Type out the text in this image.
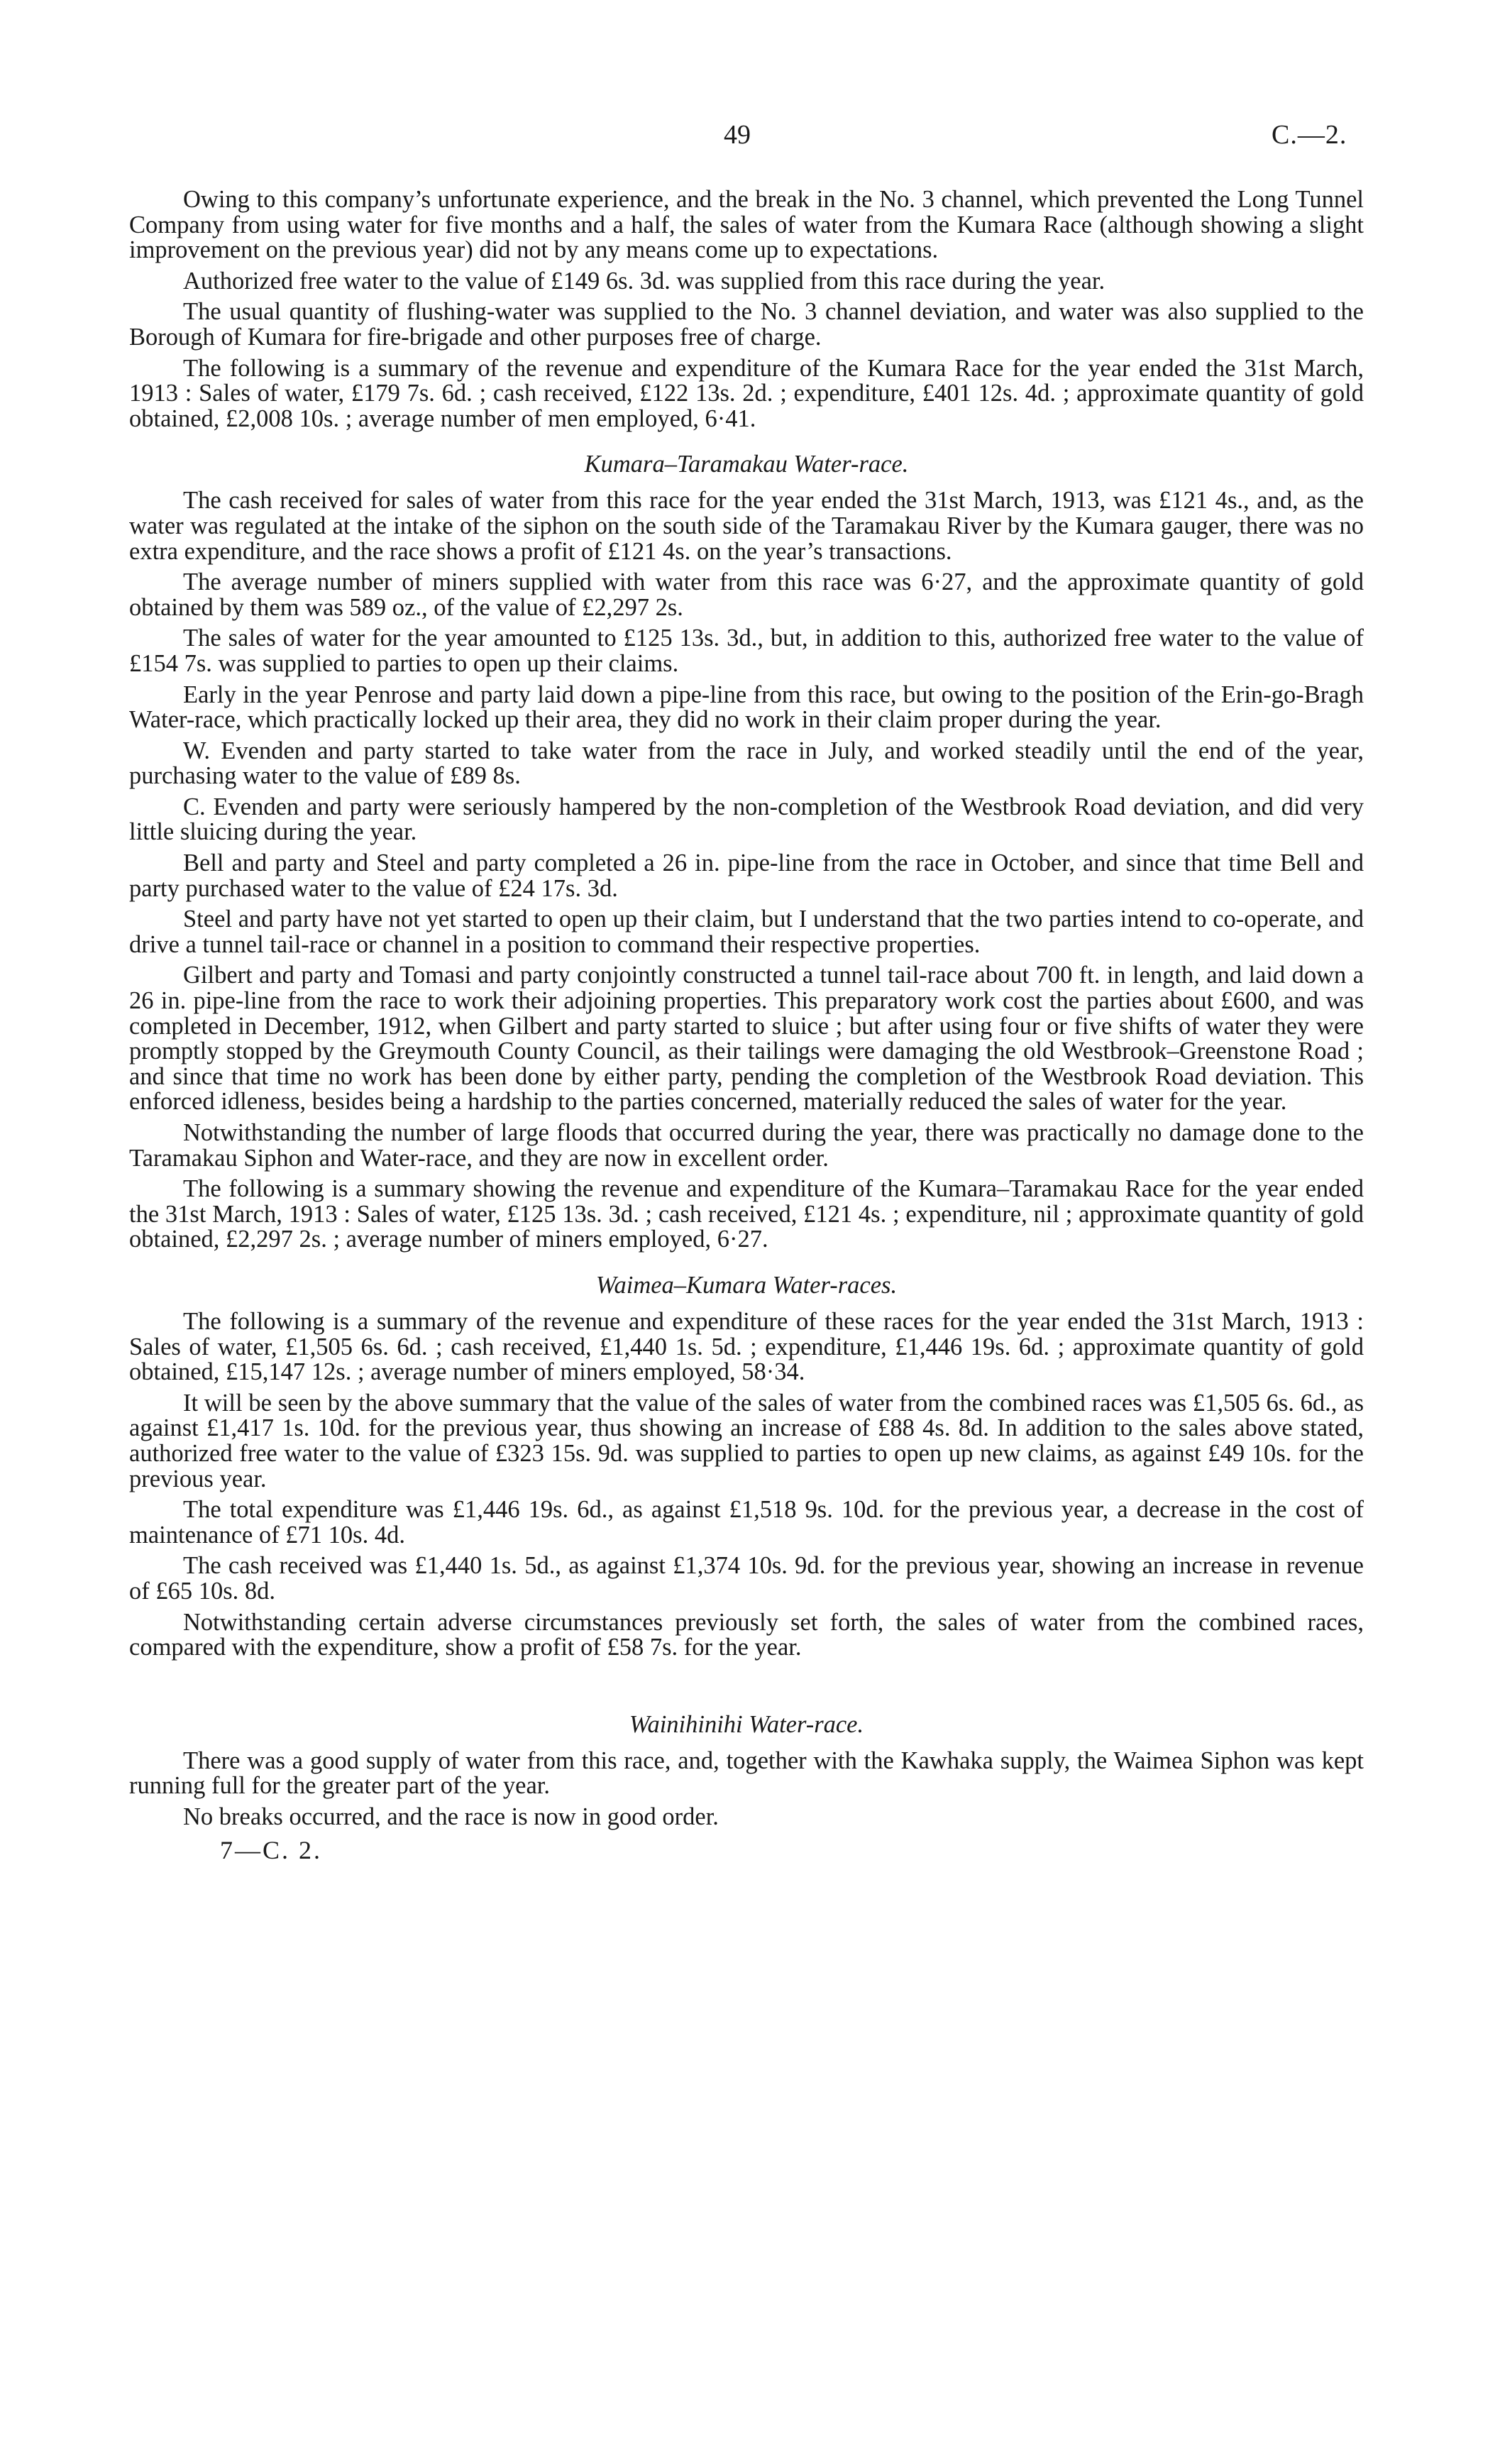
49	C.—2.

Owing to this company’s unfortunate experience, and the break in the No. 3 channel, which prevented the Long Tunnel Company from using water for five months and a half, the sales of water from the Kumara Race (although showing a slight improvement on the previous year) did not by any means come up to expectations.

Authorized free water to the value of £149 6s. 3d. was supplied from this race during the year.

The usual quantity of flushing-water was supplied to the No. 3 channel deviation, and water was also supplied to the Borough of Kumara for fire-brigade and other purposes free of charge.

The following is a summary of the revenue and expenditure of the Kumara Race for the year ended the 31st March, 1913 : Sales of water, £179 7s. 6d. ; cash received, £122 13s. 2d. ; expenditure, £401 12s. 4d. ; approximate quantity of gold obtained, £2,008 10s. ; average number of men employed, 6·41.

Kumara–Taramakau Water-race.

The cash received for sales of water from this race for the year ended the 31st March, 1913, was £121 4s., and, as the water was regulated at the intake of the siphon on the south side of the Taramakau River by the Kumara gauger, there was no extra expenditure, and the race shows a profit of £121 4s. on the year’s transactions.

The average number of miners supplied with water from this race was 6·27, and the approximate quantity of gold obtained by them was 589 oz., of the value of £2,297 2s.

The sales of water for the year amounted to £125 13s. 3d., but, in addition to this, authorized free water to the value of £154 7s. was supplied to parties to open up their claims.

Early in the year Penrose and party laid down a pipe-line from this race, but owing to the position of the Erin-go-Bragh Water-race, which practically locked up their area, they did no work in their claim proper during the year.

W. Evenden and party started to take water from the race in July, and worked steadily until the end of the year, purchasing water to the value of £89 8s.

C. Evenden and party were seriously hampered by the non-completion of the Westbrook Road deviation, and did very little sluicing during the year.

Bell and party and Steel and party completed a 26 in. pipe-line from the race in October, and since that time Bell and party purchased water to the value of £24 17s. 3d.

Steel and party have not yet started to open up their claim, but I understand that the two parties intend to co-operate, and drive a tunnel tail-race or channel in a position to command their respective properties.

Gilbert and party and Tomasi and party conjointly constructed a tunnel tail-race about 700 ft. in length, and laid down a 26 in. pipe-line from the race to work their adjoining properties. This preparatory work cost the parties about £600, and was completed in December, 1912, when Gilbert and party started to sluice ; but after using four or five shifts of water they were promptly stopped by the Greymouth County Council, as their tailings were damaging the old Westbrook–Greenstone Road ; and since that time no work has been done by either party, pending the completion of the Westbrook Road deviation. This enforced idleness, besides being a hardship to the parties concerned, materially reduced the sales of water for the year.

Notwithstanding the number of large floods that occurred during the year, there was practically no damage done to the Taramakau Siphon and Water-race, and they are now in excellent order.

The following is a summary showing the revenue and expenditure of the Kumara–Taramakau Race for the year ended the 31st March, 1913 : Sales of water, £125 13s. 3d. ; cash received, £121 4s. ; expenditure, nil ; approximate quantity of gold obtained, £2,297 2s. ; average number of miners employed, 6·27.

Waimea–Kumara Water-races.

The following is a summary of the revenue and expenditure of these races for the year ended the 31st March, 1913 : Sales of water, £1,505 6s. 6d. ; cash received, £1,440 1s. 5d. ; expenditure, £1,446 19s. 6d. ; approximate quantity of gold obtained, £15,147 12s. ; average number of miners employed, 58·34.

It will be seen by the above summary that the value of the sales of water from the combined races was £1,505 6s. 6d., as against £1,417 1s. 10d. for the previous year, thus showing an increase of £88 4s. 8d. In addition to the sales above stated, authorized free water to the value of £323 15s. 9d. was supplied to parties to open up new claims, as against £49 10s. for the previous year.

The total expenditure was £1,446 19s. 6d., as against £1,518 9s. 10d. for the previous year, a decrease in the cost of maintenance of £71 10s. 4d.

The cash received was £1,440 1s. 5d., as against £1,374 10s. 9d. for the previous year, showing an increase in revenue of £65 10s. 8d.

Notwithstanding certain adverse circumstances previously set forth, the sales of water from the combined races, compared with the expenditure, show a profit of £58 7s. for the year.

Wainihinihi Water-race.

There was a good supply of water from this race, and, together with the Kawhaka supply, the Waimea Siphon was kept running full for the greater part of the year.

No breaks occurred, and the race is now in good order.

7—C. 2.
